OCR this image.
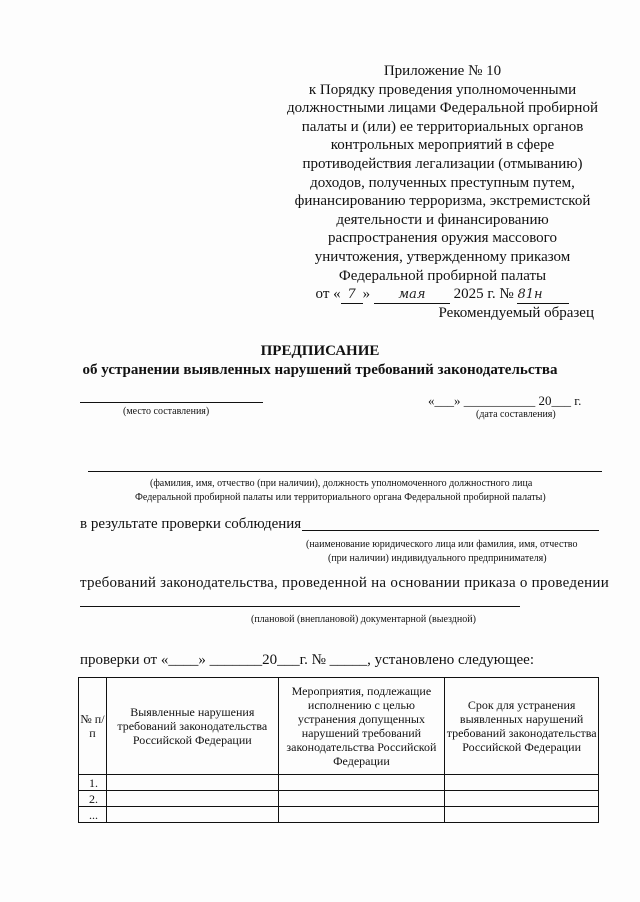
Приложение № 10
к Порядку проведения уполномоченными
должностными лицами Федеральной пробирной
палаты и (или) ее территориальных органов
контрольных мероприятий в сфере
противодействия легализации (отмыванию)
доходов, полученных преступным путем,
финансированию терроризма, экстремистской
деятельности и финансированию
распространения оружия массового
уничтожения, утвержденному приказом
Федеральной пробирной палаты
от « 7 » мая 2025 г. № 81н
Рекомендуемый образец
ПРЕДПИСАНИЕ
об устранении выявленных нарушений требований законодательства
(место составления)
«___» ___________ 20___ г.
(дата составления)
(фамилия, имя, отчество (при наличии), должность уполномоченного должностного лица
Федеральной пробирной палаты или территориального органа Федеральной пробирной палаты)
в результате проверки соблюдения
(наименование юридического лица или фамилия, имя, отчество
(при наличии) индивидуального предпринимателя)
требований законодательства, проведенной на основании приказа о проведении
(плановой (внеплановой) документарной (выездной)
проверки от «____» _______20___г. № _____, установлено следующее:
№ п/п	Выявленные нарушения требований законодательства Российской Федерации	Мероприятия, подлежащие исполнению с целью устранения допущенных нарушений требований законодательства Российской Федерации	Срок для устранения выявленных нарушений требований законодательства Российской Федерации
1.			
2.			
...			
